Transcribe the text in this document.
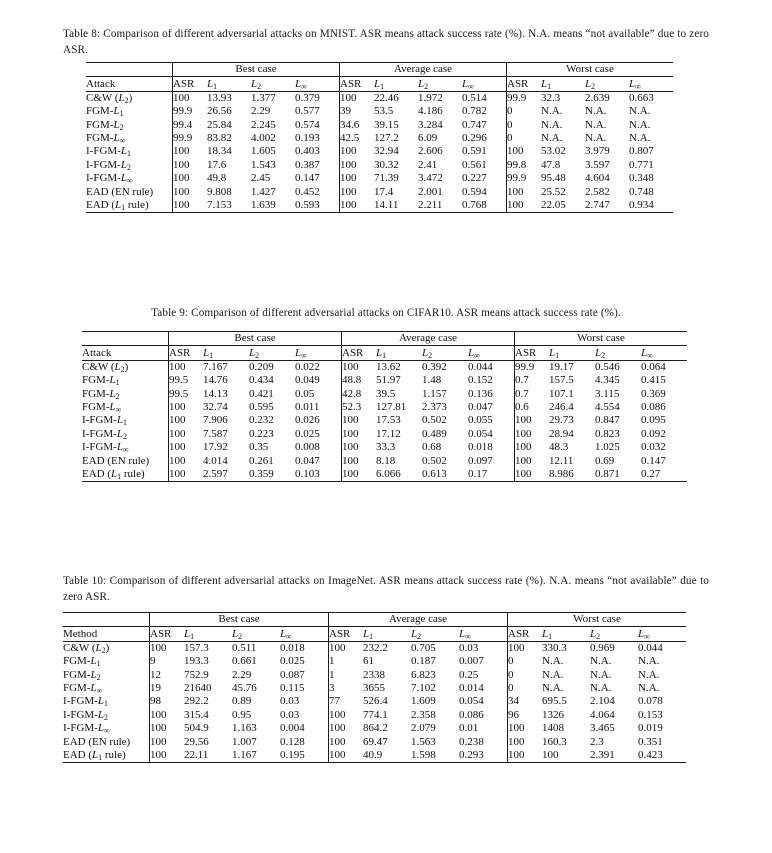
Table 8: Comparison of different adversarial attacks on MNIST. ASR means attack success rate (%). N.A. means “not available” due to zero ASR.
	Best case				Average case				Worst case			
Attack	ASR	$L_1$	$L_2$	$L_\infty$	ASR	$L_1$	$L_2$	$L_\infty$	ASR	$L_1$	$L_2$	$L_\infty$
C&W $(L_2)$	100	13.93	1.377	0.379	100	22.46	1.972	0.514	99.9	32.3	2.639	0.663
FGM-$L_1$	99.9	26.56	2.29	0.577	39	53.5	4.186	0.782	0	N.A.	N.A.	N.A.
FGM-$L_2$	99.4	25.84	2.245	0.574	34.6	39.15	3.284	0.747	0	N.A.	N.A.	N.A.
FGM-$L_\infty$	99.9	83.82	4.002	0.193	42.5	127.2	6.09	0.296	0	N.A.	N.A.	N.A.
$I-FGM-L_1$	100	18.34	1.605	0.403	100	32.94	2.606	0.591	100	53.02	3.979	0.807
$I-FGM-L_2$	100	17.6	1.543	0.387	100	30.32	2.41	0.561	99.8	47.8	3.597	0.771
$I-FGM-L_\infty$	100	49.8	2.45	0.147	100	71.39	3.472	0.227	99.9	95.48	4.604	0.348
EAD (EN rule)	100	9.808	1.427	0.452	100	17.4	2.001	0.594	100	25.52	2.582	0.748
EAD ($L_1$ rule)	100	7.153	1.639	0.593	100	14.11	2.211	0.768	100	22.05	2.747	0.934
Table 9: Comparison of different adversarial attacks on CIFAR10. ASR means attack success rate (%).
	Best case				Average case				Worst case			
Attack	ASR	$L_1$	$L_2$	$L_\infty$	ASR	$L_1$	$L_2$	$L_\infty$	ASR	$L_1$	$L_2$	$L_\infty$
C&W $(L_2)$	100	7.167	0.209	0.022	100	13.62	0.392	0.044	99.9	19.17	0.546	0.064
FGM-$L_1$	99.5	14.76	0.434	0.049	48.8	51.97	1.48	0.152	0.7	157.5	4.345	0.415
FGM-$L_2$	99.5	14.13	0.421	0.05	42.8	39.5	1.157	0.136	0.7	107.1	3.115	0.369
FGM-$L_\infty$	100	32.74	0.595	0.011	52.3	127.81	2.373	0.047	0.6	246.4	4.554	0.086
$I-FGM-L_1$	100	7.906	0.232	0.026	100	17.53	0.502	0.055	100	29.73	0.847	0.095
$I-FGM-L_2$	100	7.587	0.223	0.025	100	17.12	0.489	0.054	100	28.94	0.823	0.092
$I-FGM-L_\infty$	100	17.92	0.35	0.008	100	33.3	0.68	0.018	100	48.3	1.025	0.032
EAD (EN rule)	100	4.014	0.261	0.047	100	8.18	0.502	0.097	100	12.11	0.69	0.147
EAD ($L_1$ rule)	100	2.597	0.359	0.103	100	6.066	0.613	0.17	100	8.986	0.871	0.27
Table 10: Comparison of different adversarial attacks on ImageNet. ASR means attack success rate (%). N.A. means “not available” due to zero ASR.
	Best case				Average case				Worst case			
Method	ASR	$L_1$	$L_2$	$L_\infty$	ASR	$L_1$	$L_2$	$L_\infty$	ASR	$L_1$	$L_2$	$L_\infty$
C&W $(L_2)$	100	157.3	0.511	0.018	100	232.2	0.705	0.03	100	330.3	0.969	0.044
FGM-$L_1$	9	193.3	0.661	0.025	1	61	0.187	0.007	0	N.A.	N.A.	N.A.
FGM-$L_2$	12	752.9	2.29	0.087	1	2338	6.823	0.25	0	N.A.	N.A.	N.A.
FGM-$L_\infty$	19	21640	45.76	0.115	3	3655	7.102	0.014	0	N.A.	N.A.	N.A.
$I-FGM-L_1$	98	292.2	0.89	0.03	77	526.4	1.609	0.054	34	695.5	2.104	0.078
$I-FGM-L_2$	100	315.4	0.95	0.03	100	774.1	2.358	0.086	96	1326	4.064	0.153
$I-FGM-L_\infty$	100	504.9	1.163	0.004	100	864.2	2.079	0.01	100	1408	3.465	0.019
EAD (EN rule)	100	29.56	1.007	0.128	100	69.47	1.563	0.238	100	160.3	2.3	0.351
EAD ($L_1$ rule)	100	22.11	1.167	0.195	100	40.9	1.598	0.293	100	100	2.391	0.423
